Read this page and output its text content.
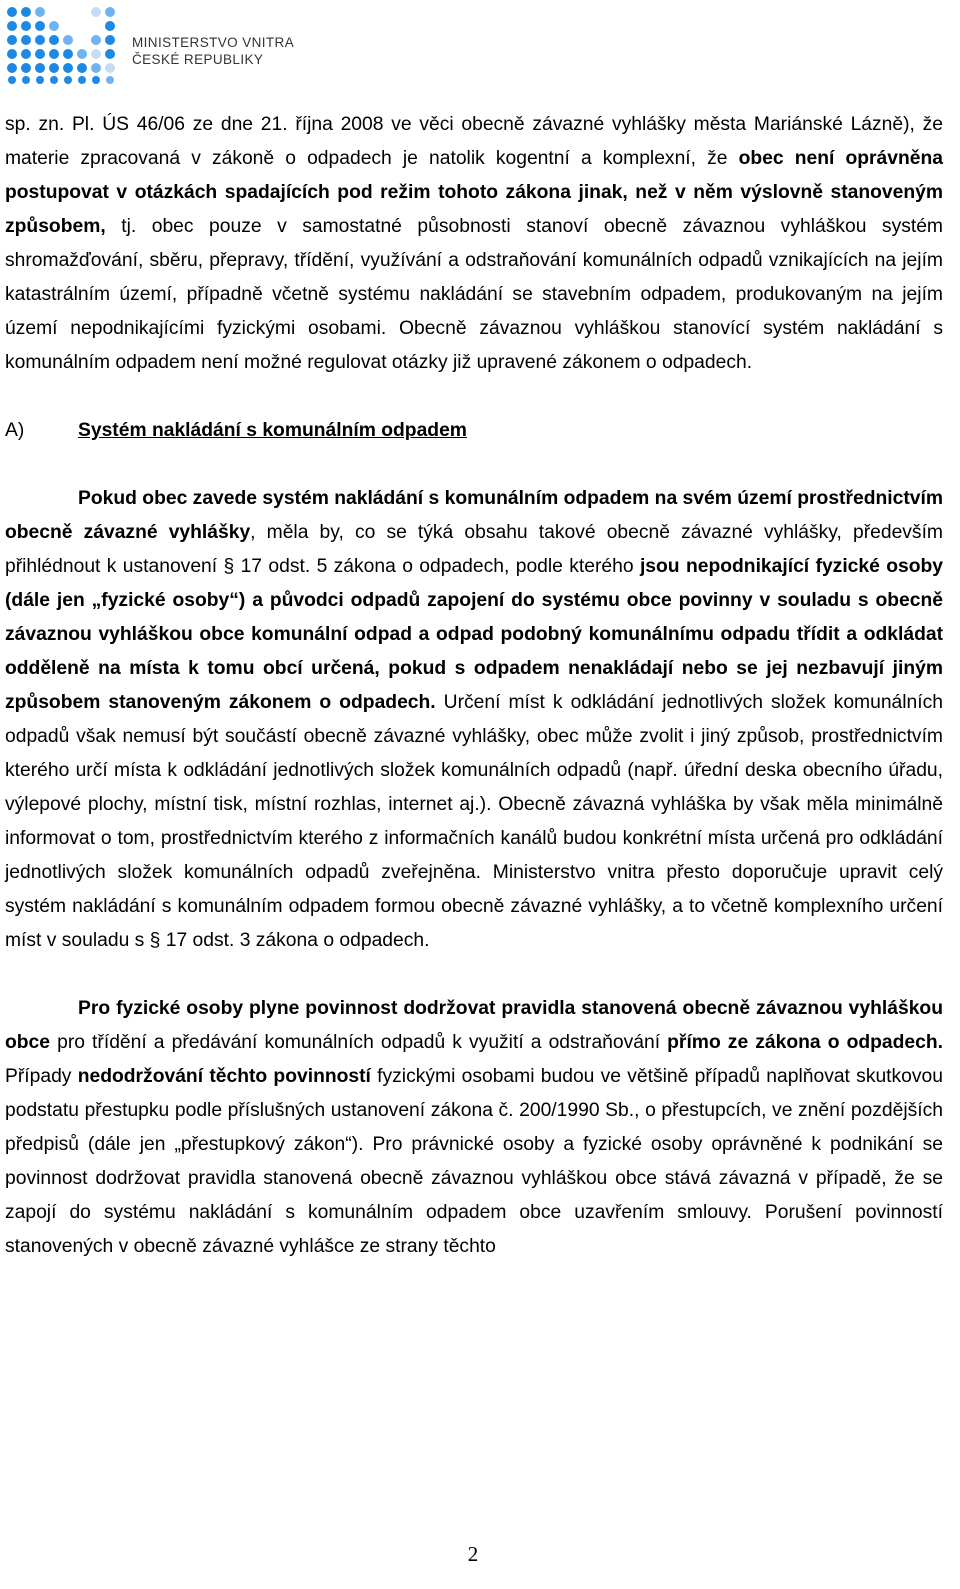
MINISTERSTVO VNITRA
ČESKÉ REPUBLIKY

sp. zn. Pl. ÚS 46/06 ze dne 21. října 2008 ve věci obecně závazné vyhlášky města Mariánské Lázně), že materie zpracovaná v zákoně o odpadech je natolik kogentní a komplexní, že obec není oprávněna postupovat v otázkách spadajících pod režim tohoto zákona jinak, než v něm výslovně stanoveným způsobem, tj. obec pouze v samostatné působnosti stanoví obecně závaznou vyhláškou systém shromažďování, sběru, přepravy, třídění, využívání a odstraňování komunálních odpadů vznikajících na jejím katastrálním území, případně včetně systému nakládání se stavebním odpadem, produkovaným na jejím území nepodnikajícími fyzickými osobami. Obecně závaznou vyhláškou stanovící systém nakládání s komunálním odpadem není možné regulovat otázky již upravené zákonem o odpadech.

A)	Systém nakládání s komunálním odpadem

Pokud obec zavede systém nakládání s komunálním odpadem na svém území prostřednictvím obecně závazné vyhlášky, měla by, co se týká obsahu takové obecně závazné vyhlášky, především přihlédnout k ustanovení § 17 odst. 5 zákona o odpadech, podle kterého jsou nepodnikající fyzické osoby (dále jen „fyzické osoby“) a původci odpadů zapojení do systému obce povinny v souladu s obecně závaznou vyhláškou obce komunální odpad a odpad podobný komunálnímu odpadu třídit a odkládat odděleně na místa k tomu obcí určená, pokud s odpadem nenakládají nebo se jej nezbavují jiným způsobem stanoveným zákonem o odpadech. Určení míst k odkládání jednotlivých složek komunálních odpadů však nemusí být součástí obecně závazné vyhlášky, obec může zvolit i jiný způsob, prostřednictvím kterého určí místa k odkládání jednotlivých složek komunálních odpadů (např. úřední deska obecního úřadu, výlepové plochy, místní tisk, místní rozhlas, internet aj.). Obecně závazná vyhláška by však měla minimálně informovat o tom, prostřednictvím kterého z informačních kanálů budou konkrétní místa určená pro odkládání jednotlivých složek komunálních odpadů zveřejněna. Ministerstvo vnitra přesto doporučuje upravit celý systém nakládání s komunálním odpadem formou obecně závazné vyhlášky, a to včetně komplexního určení míst v souladu s § 17 odst. 3 zákona o odpadech.

Pro fyzické osoby plyne povinnost dodržovat pravidla stanovená obecně závaznou vyhláškou obce pro třídění a předávání komunálních odpadů k využití a odstraňování přímo ze zákona o odpadech. Případy nedodržování těchto povinností fyzickými osobami budou ve většině případů naplňovat skutkovou podstatu přestupku podle příslušných ustanovení zákona č. 200/1990 Sb., o přestupcích, ve znění pozdějších předpisů (dále jen „přestupkový zákon“). Pro právnické osoby a fyzické osoby oprávněné k podnikání se povinnost dodržovat pravidla stanovená obecně závaznou vyhláškou obce stává závazná v případě, že se zapojí do systému nakládání s komunálním odpadem obce uzavřením smlouvy. Porušení povinností stanovených v obecně závazné vyhlášce ze strany těchto

2
